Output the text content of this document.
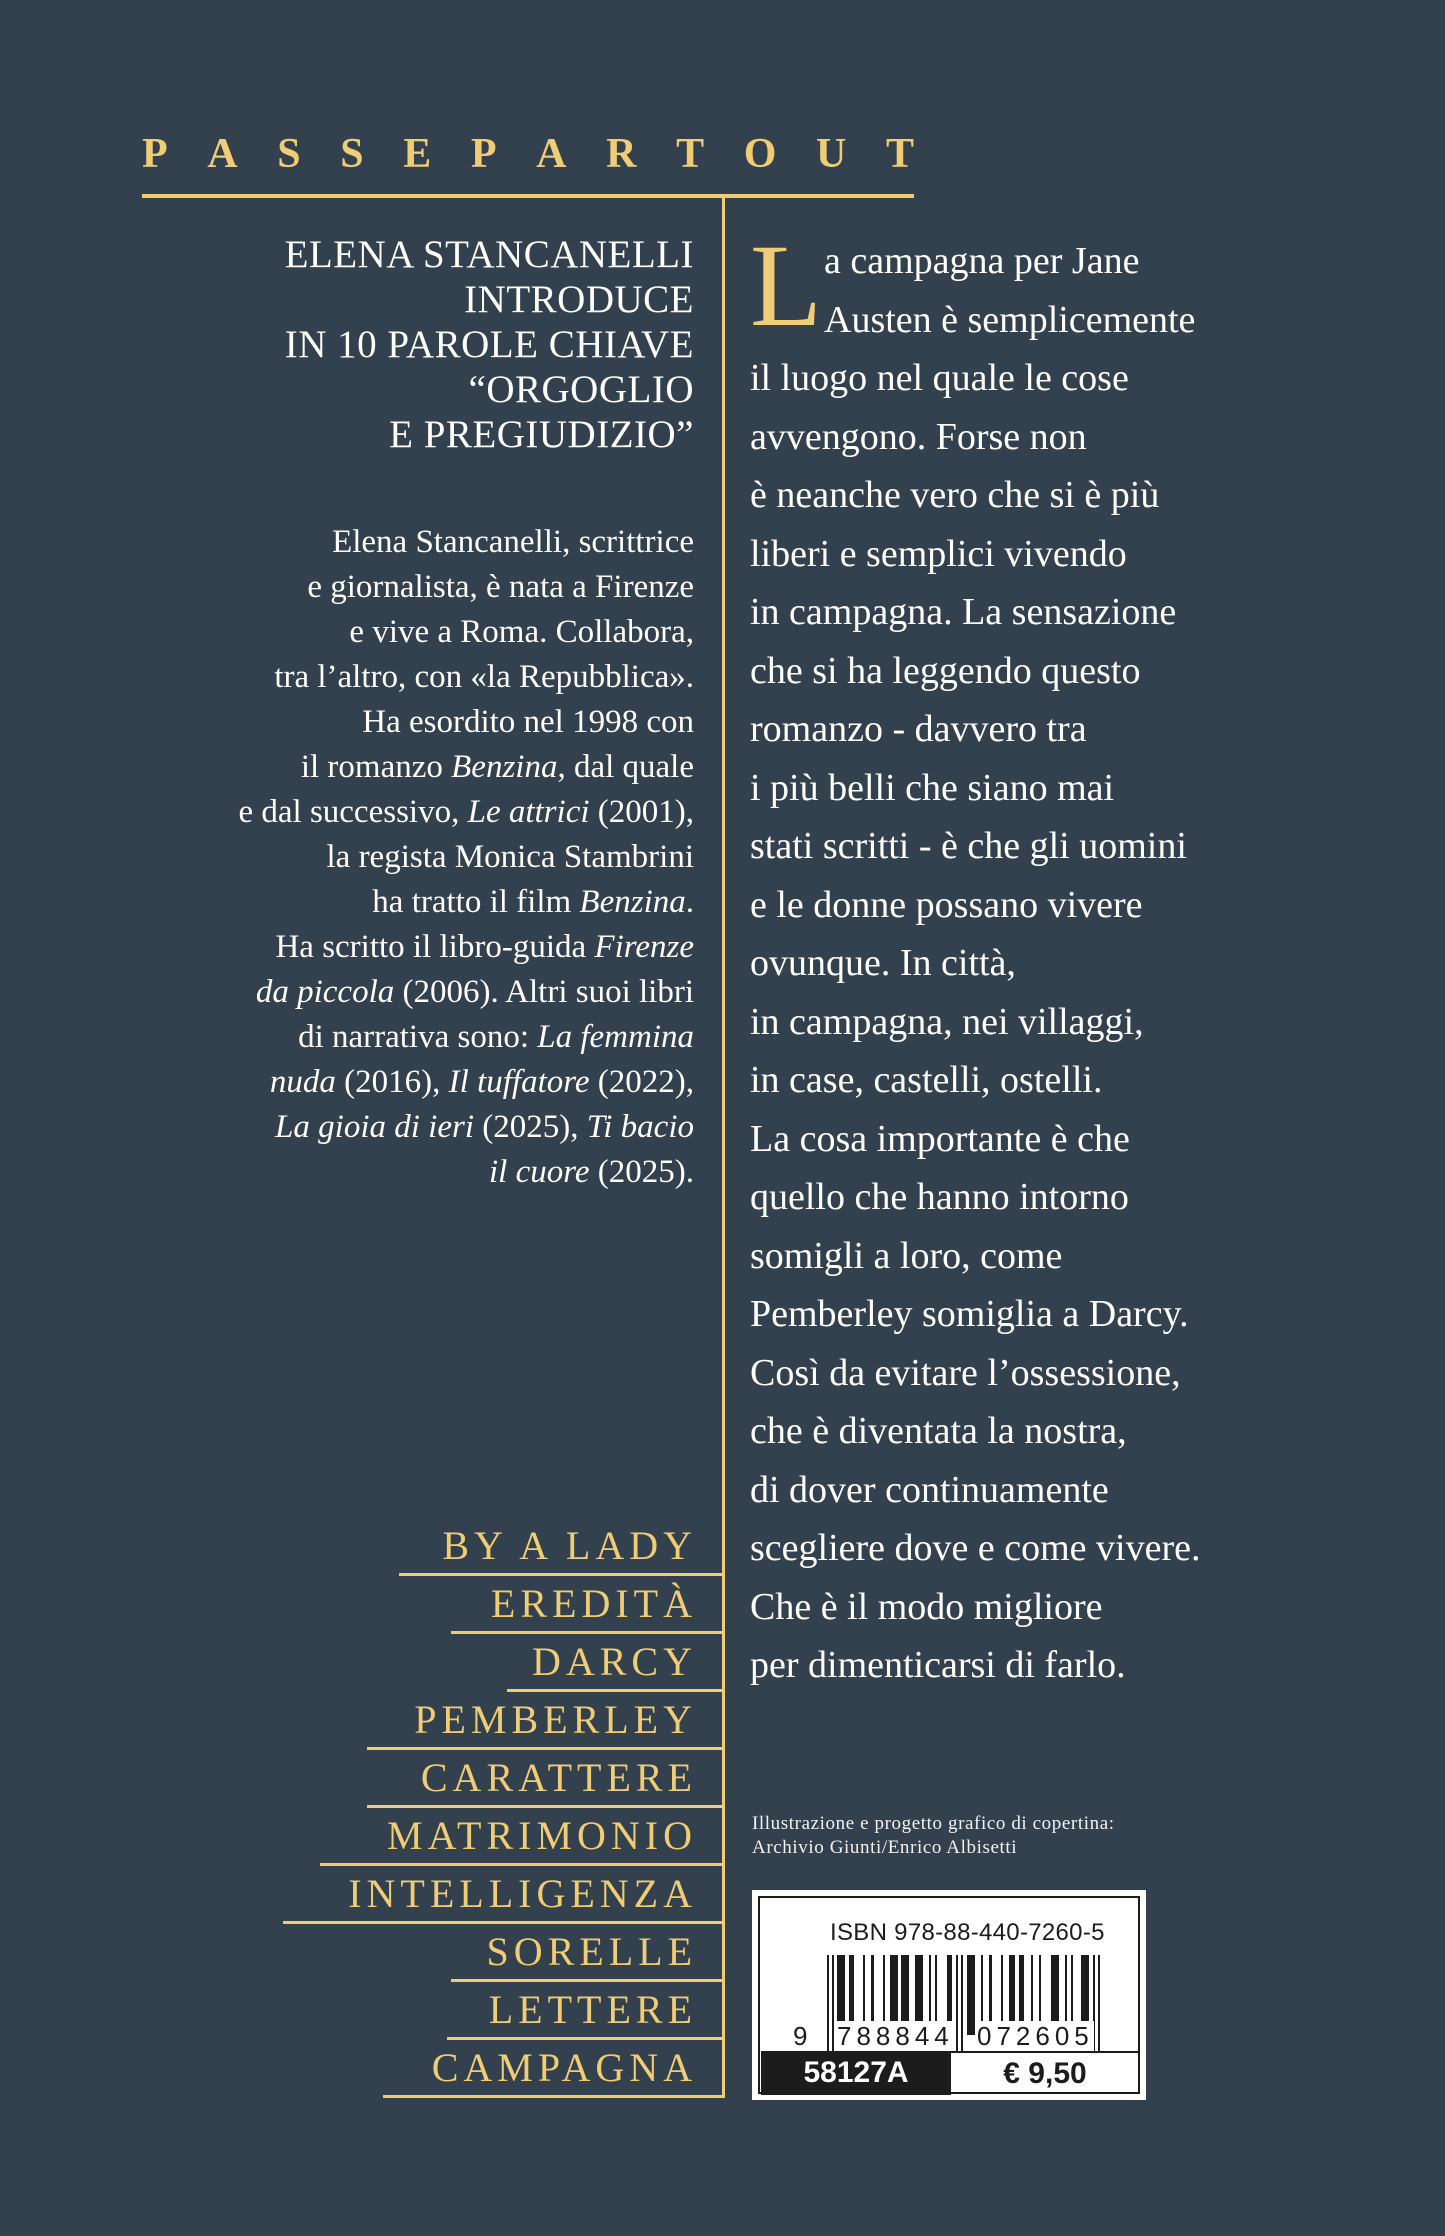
P A S S E P A R T O U T
ELENA STANCANELLI
INTRODUCE
IN 10 PAROLE CHIAVE
“ORGOGLIO
E PREGIUDIZIO”
Elena Stancanelli, scrittrice
e giornalista, è nata a Firenze
e vive a Roma. Collabora,
tra l’altro, con «la Repubblica».
Ha esordito nel 1998 con
il romanzo Benzina, dal quale
e dal successivo, Le attrici (2001),
la regista Monica Stambrini
ha tratto il film Benzina.
Ha scritto il libro-guida Firenze
da piccola (2006). Altri suoi libri
di narrativa sono: La femmina
nuda (2016), Il tuffatore (2022),
La gioia di ieri (2025), Ti bacio
il cuore (2025).
BY A LADY
EREDITÀ
DARCY
PEMBERLEY
CARATTERE
MATRIMONIO
INTELLIGENZA
SORELLE
LETTERE
CAMPAGNA
L a campagna per Jane
Austen è semplicemente
il luogo nel quale le cose
avvengono. Forse non
è neanche vero che si è più
liberi e semplici vivendo
in campagna. La sensazione
che si ha leggendo questo
romanzo - davvero tra
i più belli che siano mai
stati scritti - è che gli uomini
e le donne possano vivere
ovunque. In città,
in campagna, nei villaggi,
in case, castelli, ostelli.
La cosa importante è che
quello che hanno intorno
somigli a loro, come
Pemberley somiglia a Darcy.
Così da evitare l’ossessione,
che è diventata la nostra,
di dover continuamente
scegliere dove e come vivere.
Che è il modo migliore
per dimenticarsi di farlo.
Illustrazione e progetto grafico di copertina:
Archivio Giunti/Enrico Albisetti
ISBN 978-88-440-7260-5
9 788844 072605
58127A	€ 9,50
